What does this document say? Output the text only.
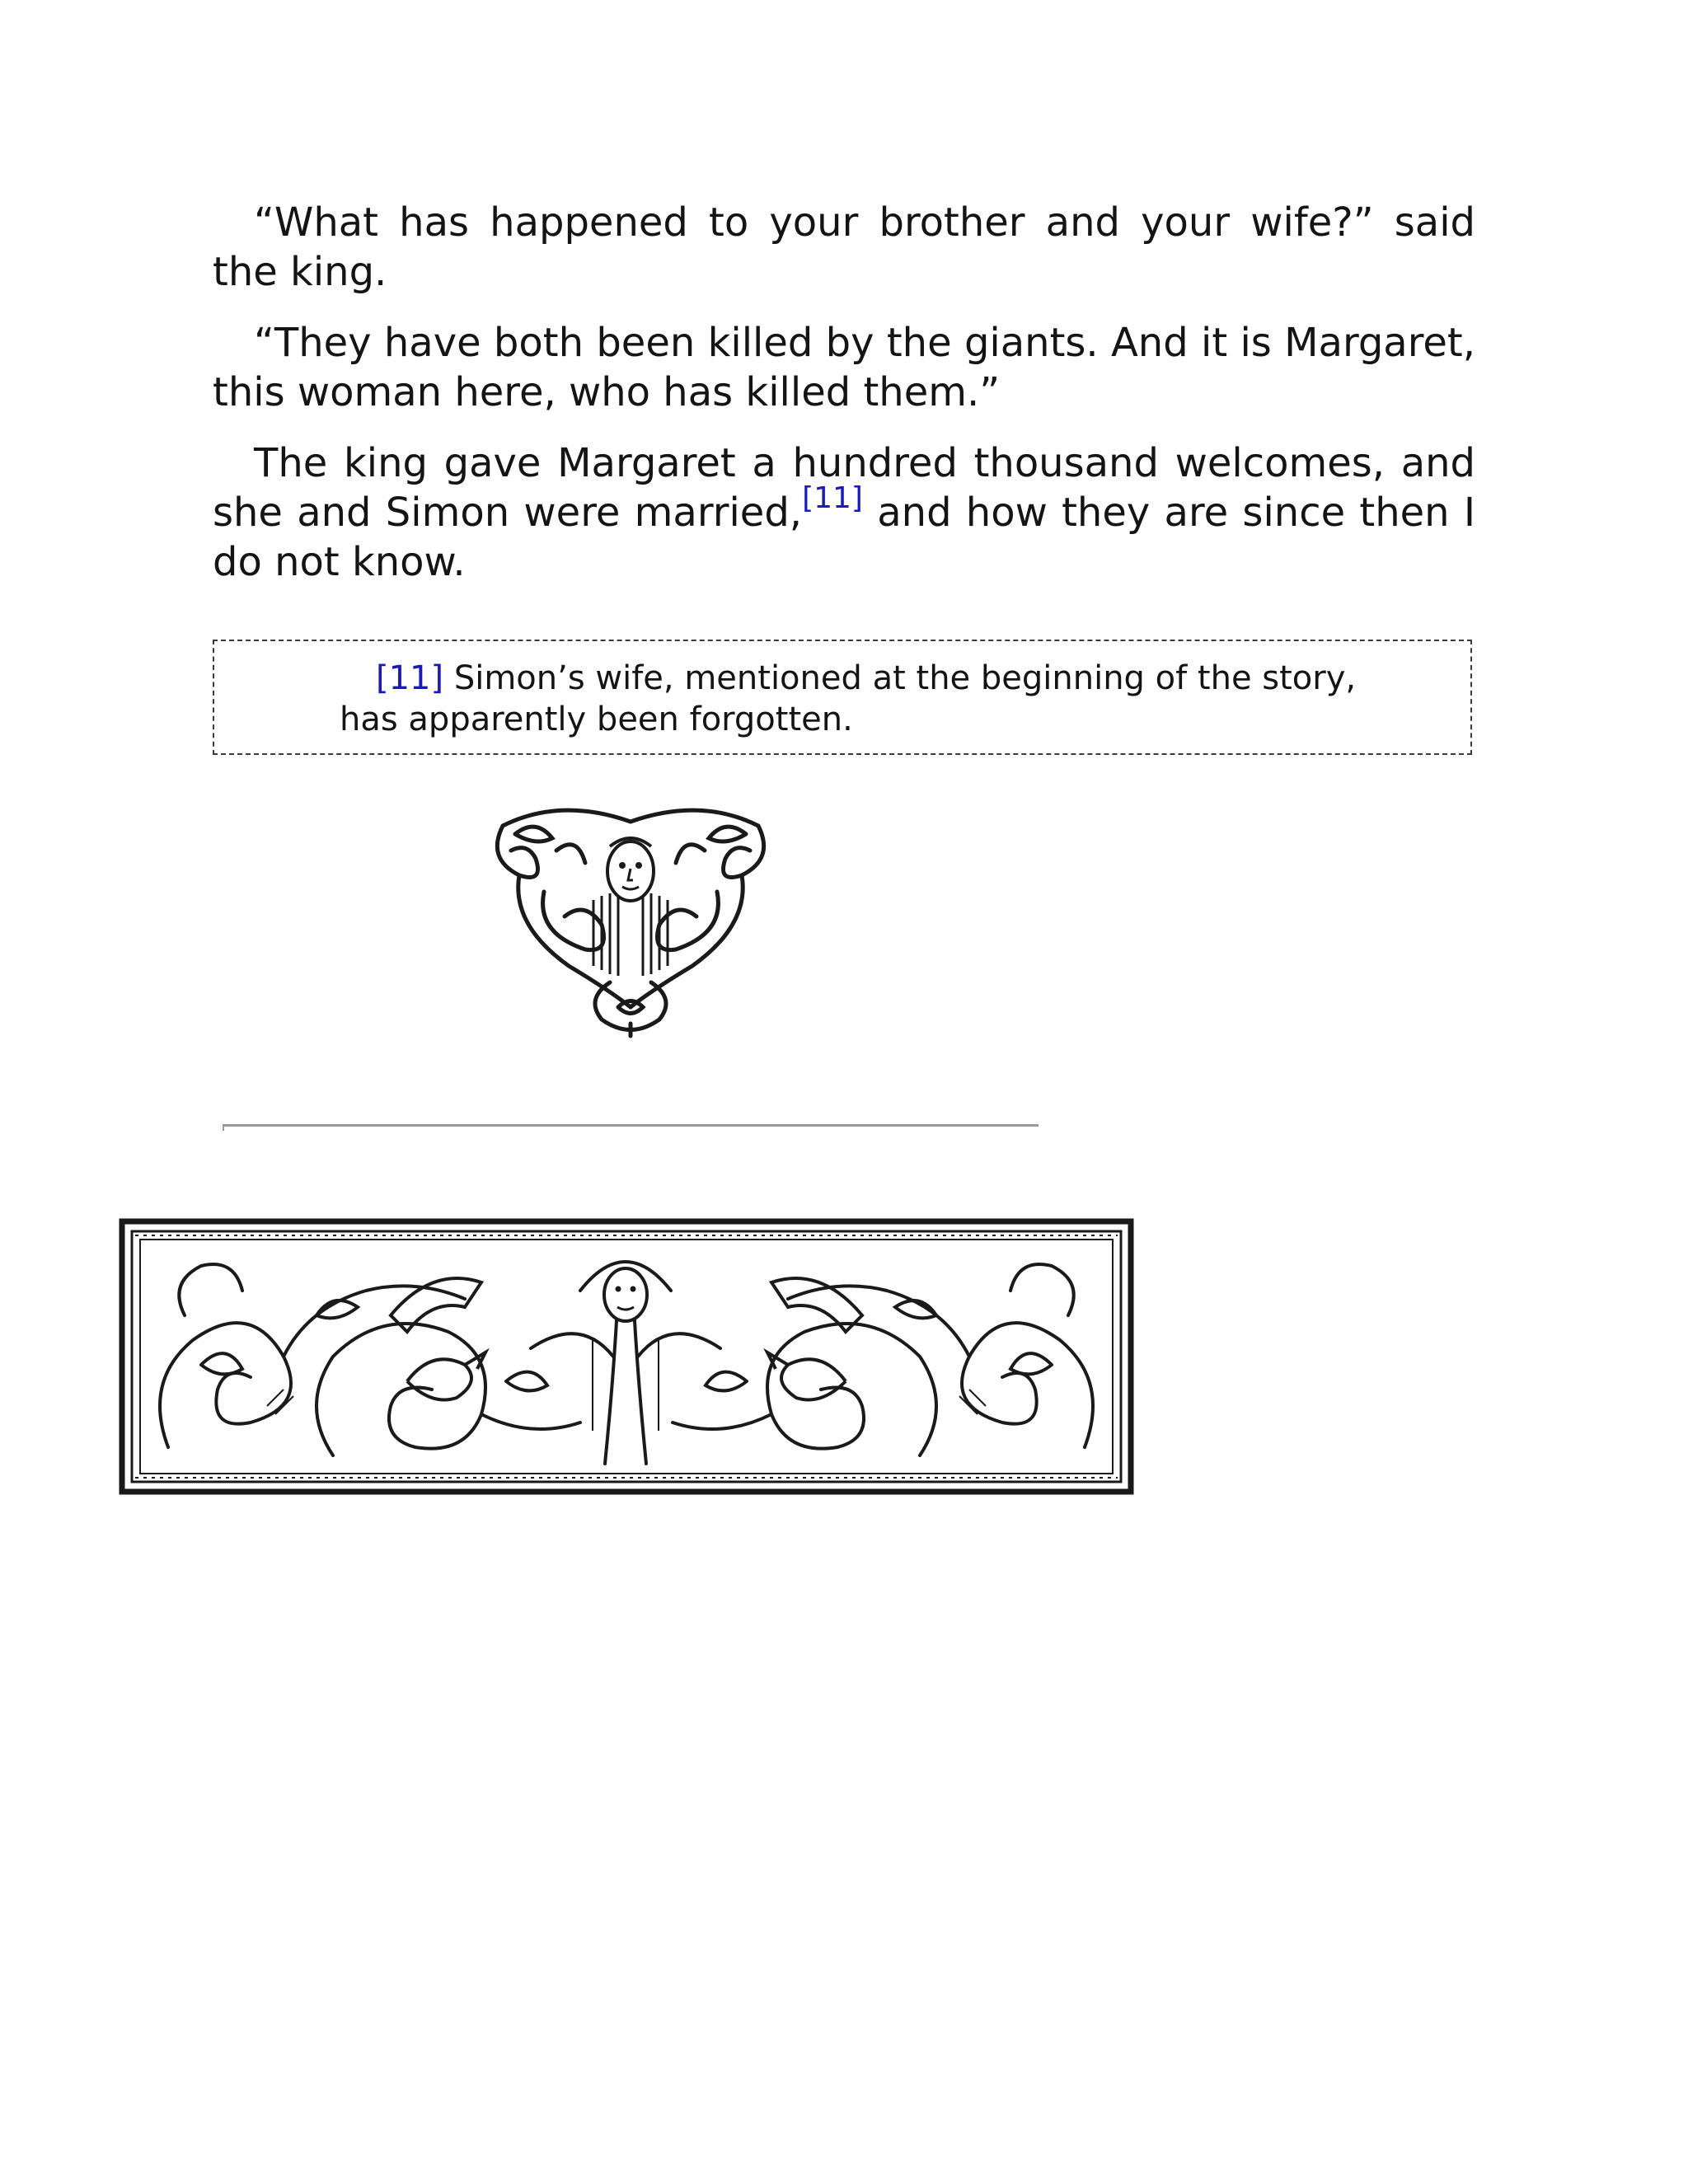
“What has happened to your brother and your wife?” said the king.

“They have both been killed by the giants. And it is Margaret, this woman here, who has killed them.”

The king gave Margaret a hundred thousand welcomes, and she and Simon were married,[11] and how they are since then I do not know.

[11] Simon’s wife, mentioned at the beginning of the story, has apparently been forgotten.
